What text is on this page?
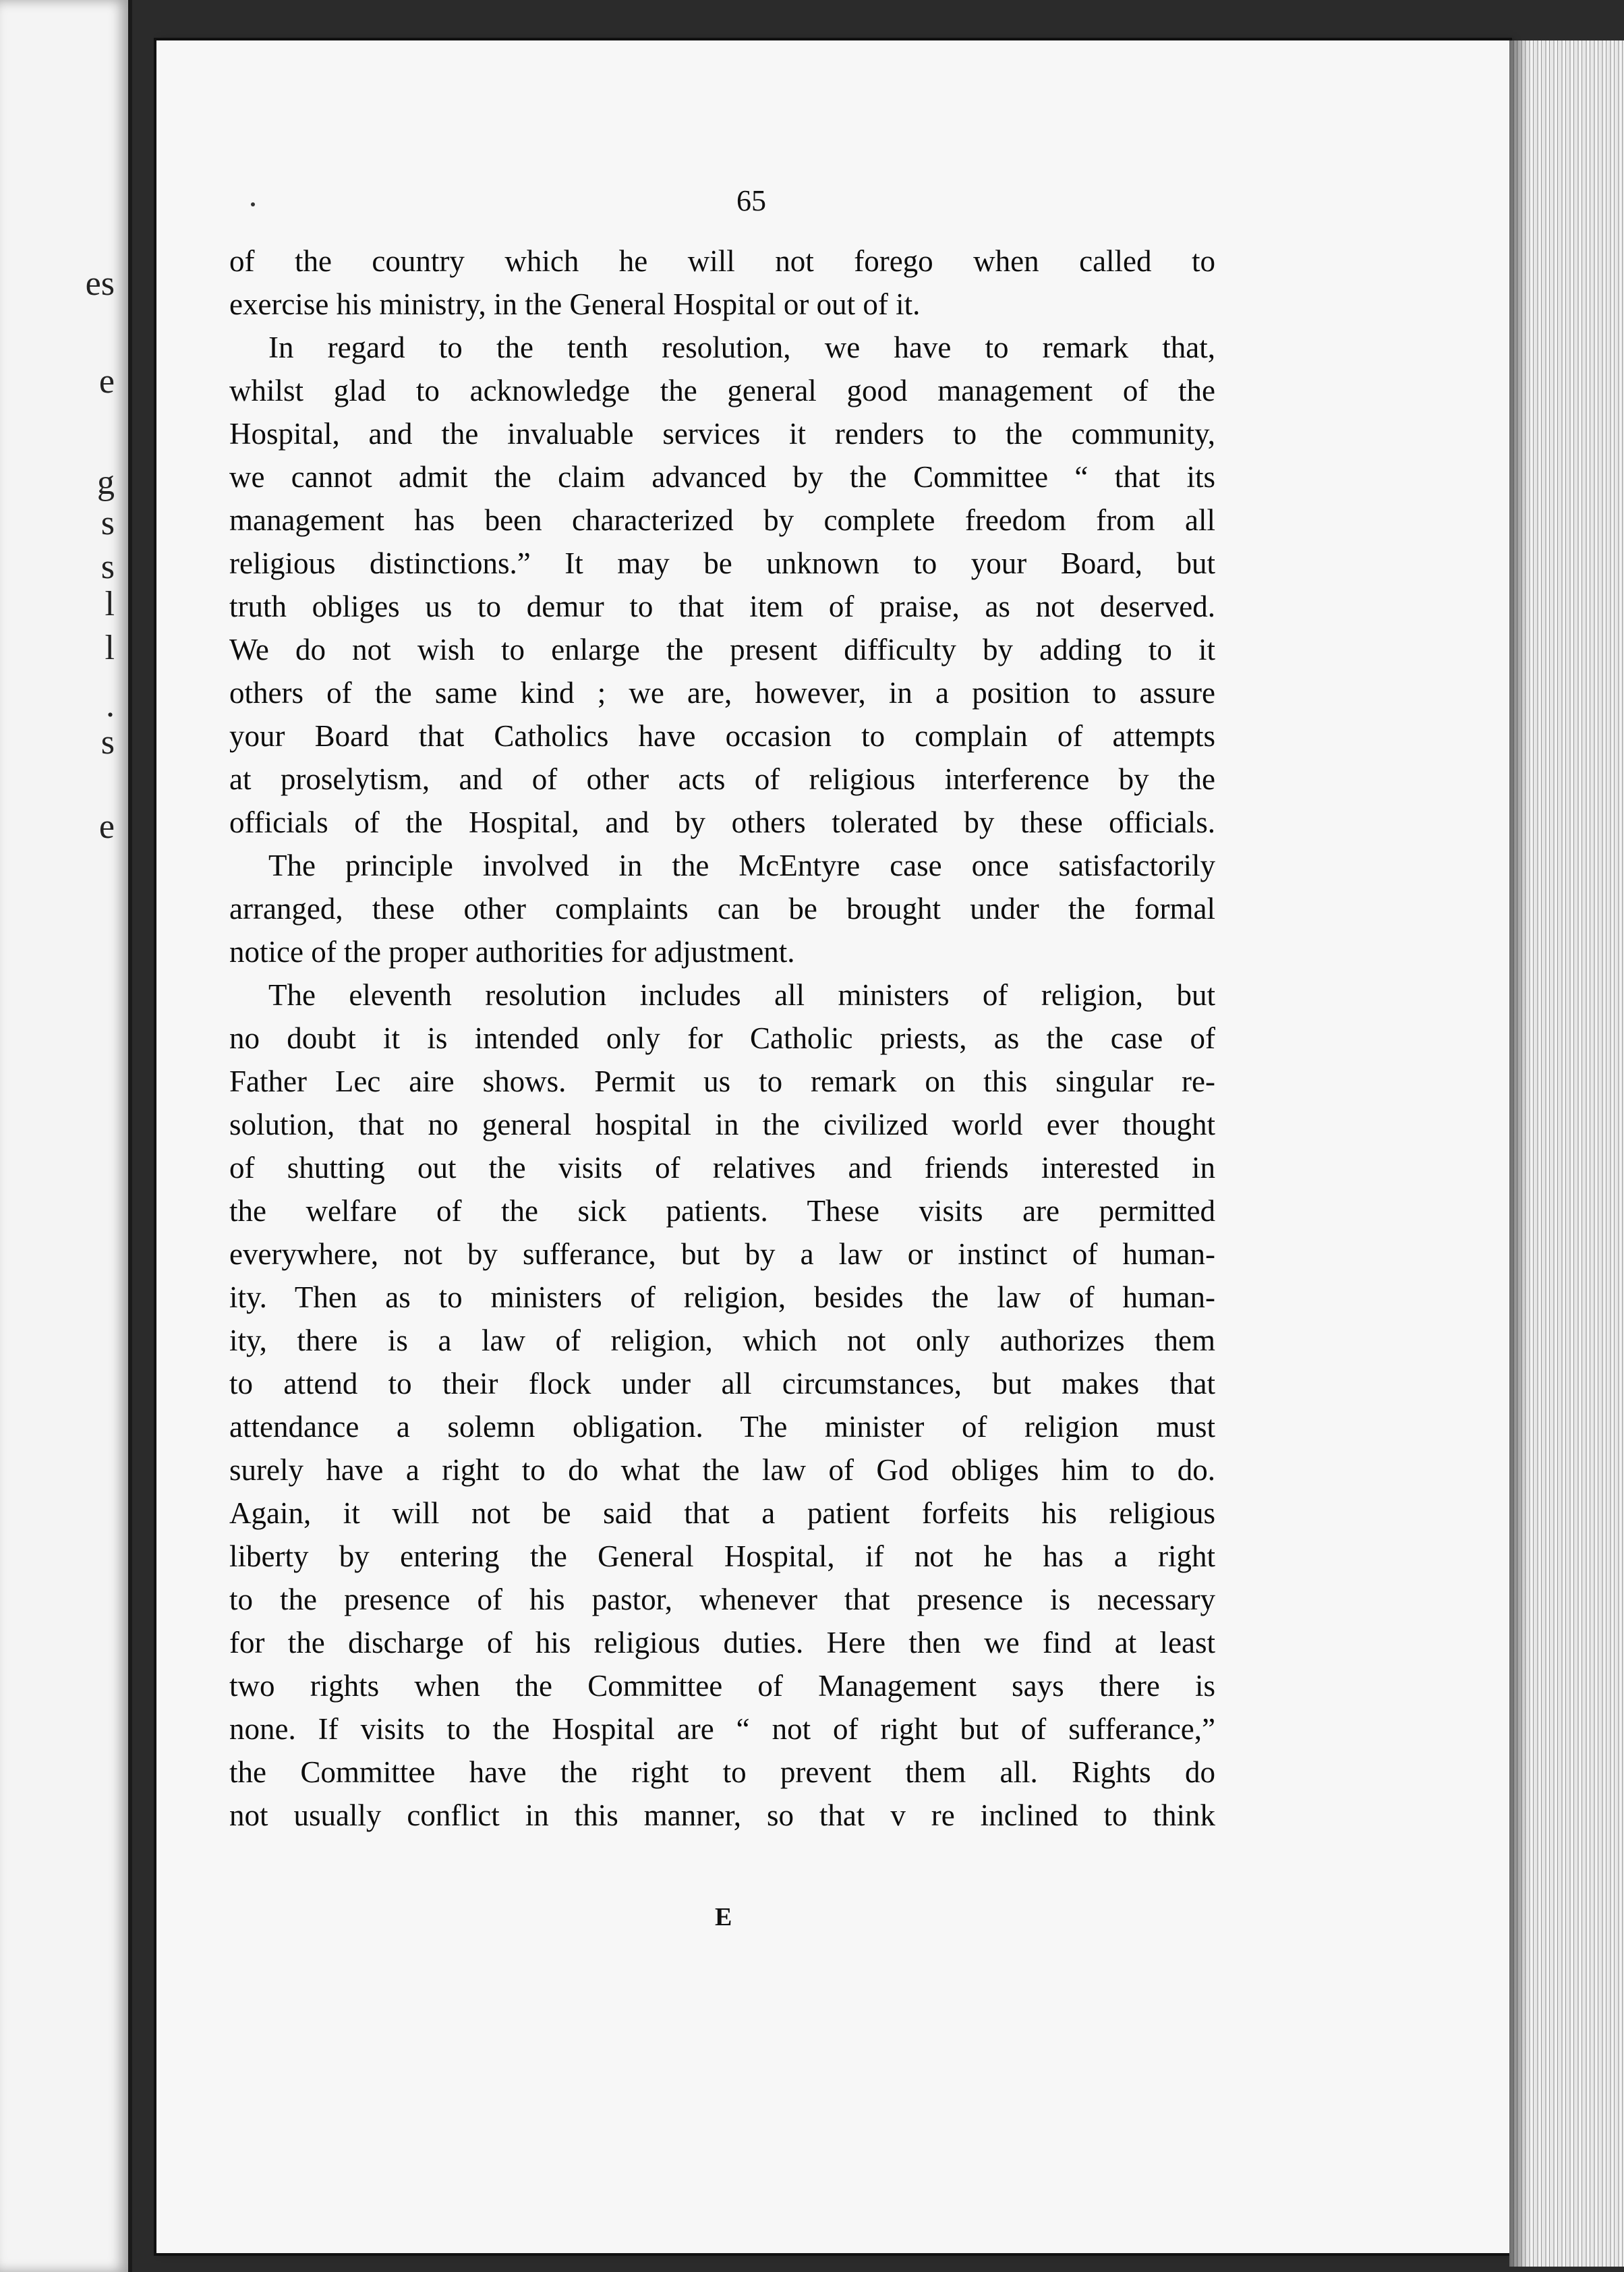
es
e
g
s
s
l
l
.
s
e
65
of the country which he will not forego when called to
exercise his ministry, in the General Hospital or out of it.
In regard to the tenth resolution, we have to remark that,
whilst glad to acknowledge the general good management of the
Hospital, and the invaluable services it renders to the community,
we cannot admit the claim advanced by the Committee “ that its
management has been characterized by complete freedom from all
religious distinctions.” It may be unknown to your Board, but
truth obliges us to demur to that item of praise, as not deserved.
We do not wish to enlarge the present difficulty by adding to it
others of the same kind ; we are, however, in a position to assure
your Board that Catholics have occasion to complain of attempts
at proselytism, and of other acts of religious interference by the
officials of the Hospital, and by others tolerated by these officials.
The principle involved in the McEntyre case once satisfactorily
arranged, these other complaints can be brought under the formal
notice of the proper authorities for adjustment.
The eleventh resolution includes all ministers of religion, but
no doubt it is intended only for Catholic priests, as the case of
Father Lec aire shows. Permit us to remark on this singular re-
solution, that no general hospital in the civilized world ever thought
of shutting out the visits of relatives and friends interested in
the welfare of the sick patients. These visits are permitted
everywhere, not by sufferance, but by a law or instinct of human-
ity. Then as to ministers of religion, besides the law of human-
ity, there is a law of religion, which not only authorizes them
to attend to their flock under all circumstances, but makes that
attendance a solemn obligation. The minister of religion must
surely have a right to do what the law of God obliges him to do.
Again, it will not be said that a patient forfeits his religious
liberty by entering the General Hospital, if not he has a right
to the presence of his pastor, whenever that presence is necessary
for the discharge of his religious duties. Here then we find at least
two rights when the Committee of Management says there is
none. If visits to the Hospital are “ not of right but of sufferance,”
the Committee have the right to prevent them all. Rights do
not usually conflict in this manner, so that v re inclined to think
E
